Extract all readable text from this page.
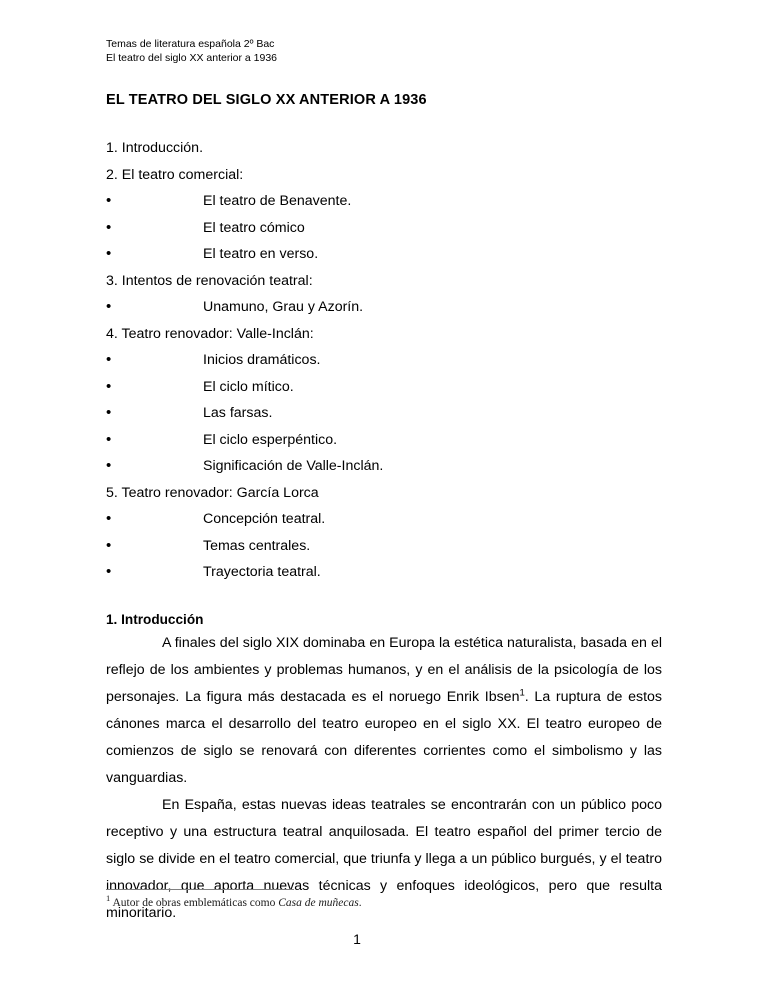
Temas de literatura española 2º Bac
El teatro del siglo XX anterior a 1936
EL TEATRO DEL SIGLO XX ANTERIOR A 1936
1. Introducción.
2. El teatro comercial:
•	El teatro de Benavente.
•	El teatro cómico
•	El teatro en verso.
3. Intentos de renovación teatral:
•	Unamuno, Grau y Azorín.
4. Teatro renovador: Valle-Inclán:
•	Inicios dramáticos.
•	El ciclo mítico.
•	Las farsas.
•	El ciclo esperpéntico.
•	Significación de Valle-Inclán.
5. Teatro renovador: García Lorca
•	Concepción teatral.
•	Temas centrales.
•	Trayectoria teatral.
1. Introducción

A finales del siglo XIX dominaba en Europa la estética naturalista, basada en el reflejo de los ambientes y problemas humanos, y en el análisis de la psicología de los personajes. La figura más destacada es el noruego Enrik Ibsen$^1$. La ruptura de estos cánones marca el desarrollo del teatro europeo en el siglo XX. El teatro europeo de comienzos de siglo se renovará con diferentes corrientes como el simbolismo y las vanguardias.

En España, estas nuevas ideas teatrales se encontrarán con un público poco receptivo y una estructura teatral anquilosada. El teatro español del primer tercio de siglo se divide en el teatro comercial, que triunfa y llega a un público burgués, y el teatro innovador, que aporta nuevas técnicas y enfoques ideológicos, pero que resulta minoritario.

$^1$ Autor de obras emblemáticas como Casa de muñecas.
1
